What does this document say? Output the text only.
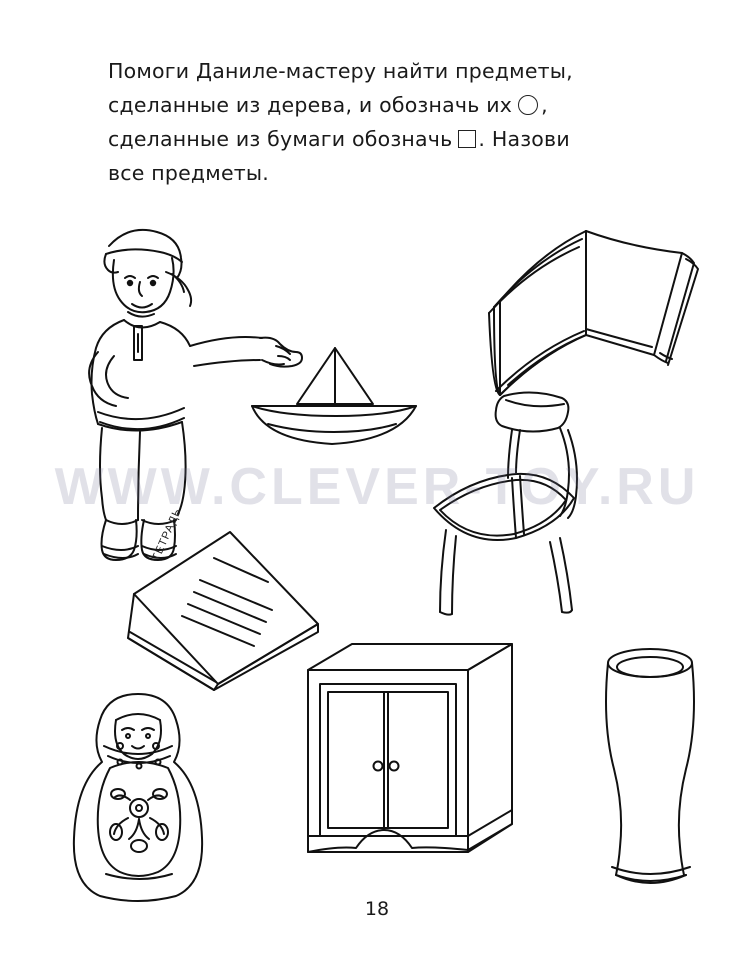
Помоги Даниле-мастеру найти предметы,
сделанные из дерева, и обозначь их ,
сделанные из бумаги обозначь . Назови
все предметы.
ТЕТРАДЬ
WWW.CLEVER-TOY.RU
18
